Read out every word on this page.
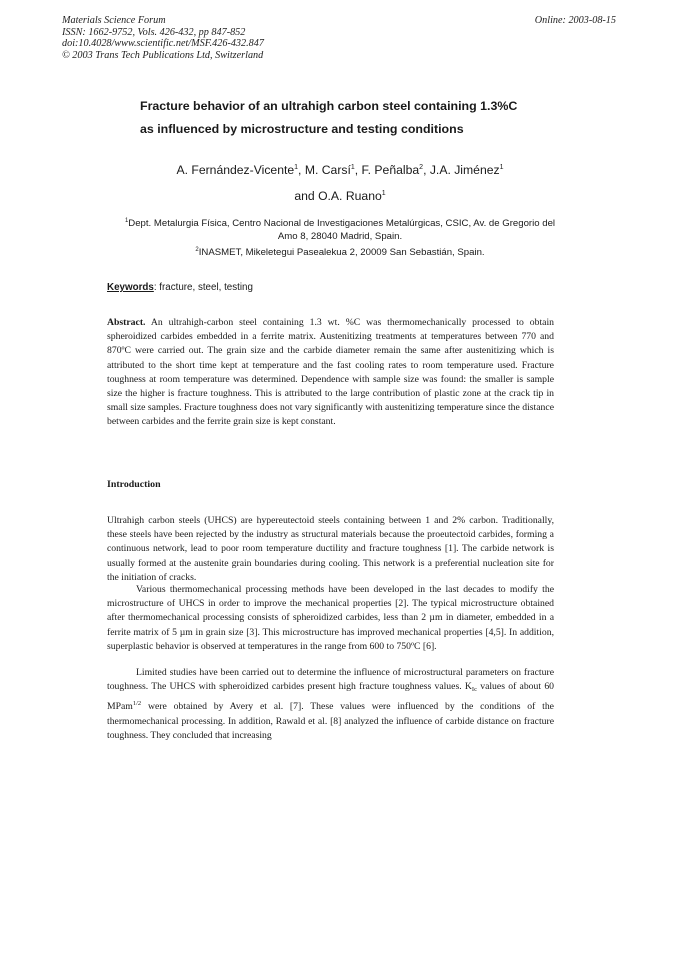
Materials Science Forum
ISSN: 1662-9752, Vols. 426-432, pp 847-852
doi:10.4028/www.scientific.net/MSF.426-432.847
© 2003 Trans Tech Publications Ltd, Switzerland
Online: 2003-08-15
Fracture behavior of an ultrahigh carbon steel containing 1.3%C
as influenced by microstructure and testing conditions
A. Fernández-Vicente$^1$, M. Carsí$^1$, F. Peñalba$^2$, J.A. Jiménez$^1$
and O.A. Ruano$^1$
$^1$Dept. Metalurgia Física, Centro Nacional de Investigaciones Metalúrgicas, CSIC, Av. de Gregorio del Amo 8, 28040 Madrid, Spain.
$^2$INASMET, Mikeletegui Pasealekua 2, 20009 San Sebastián, Spain.
Keywords: fracture, steel, testing
Abstract. An ultrahigh-carbon steel containing 1.3 wt. %C was thermomechanically processed to obtain spheroidized carbides embedded in a ferrite matrix. Austenitizing treatments at temperatures between 770 and 870ºC were carried out. The grain size and the carbide diameter remain the same after austenitizing which is attributed to the short time kept at temperature and the fast cooling rates to room temperature used. Fracture toughness at room temperature was determined. Dependence with sample size was found: the smaller is sample size the higher is fracture toughness. This is attributed to the large contribution of plastic zone at the crack tip in small size samples. Fracture toughness does not vary significantly with austenitizing temperature since the distance between carbides and the ferrite grain size is kept constant.
Introduction
Ultrahigh carbon steels (UHCS) are hypereutectoid steels containing between 1 and 2% carbon. Traditionally, these steels have been rejected by the industry as structural materials because the proeutectoid carbides, forming a continuous network, lead to poor room temperature ductility and fracture toughness [1]. The carbide network is usually formed at the austenite grain boundaries during cooling. This network is a preferential nucleation site for the initiation of cracks.
Various thermomechanical processing methods have been developed in the last decades to modify the microstructure of UHCS in order to improve the mechanical properties [2]. The typical microstructure obtained after thermomechanical processing consists of spheroidized carbides, less than 2 µm in diameter, embedded in a ferrite matrix of 5 µm in grain size [3]. This microstructure has improved mechanical properties [4,5]. In addition, superplastic behavior is observed at temperatures in the range from 600 to 750ºC [6].
Limited studies have been carried out to determine the influence of microstructural parameters on fracture toughness. The UHCS with spheroidized carbides present high fracture toughness values. $K_{Ic}$ values of about 60 MPam$^{1/2}$ were obtained by Avery et al. [7]. These values were influenced by the conditions of the thermomechanical processing. In addition, Rawald et al. [8] analyzed the influence of carbide distance on fracture toughness. They concluded that increasing
